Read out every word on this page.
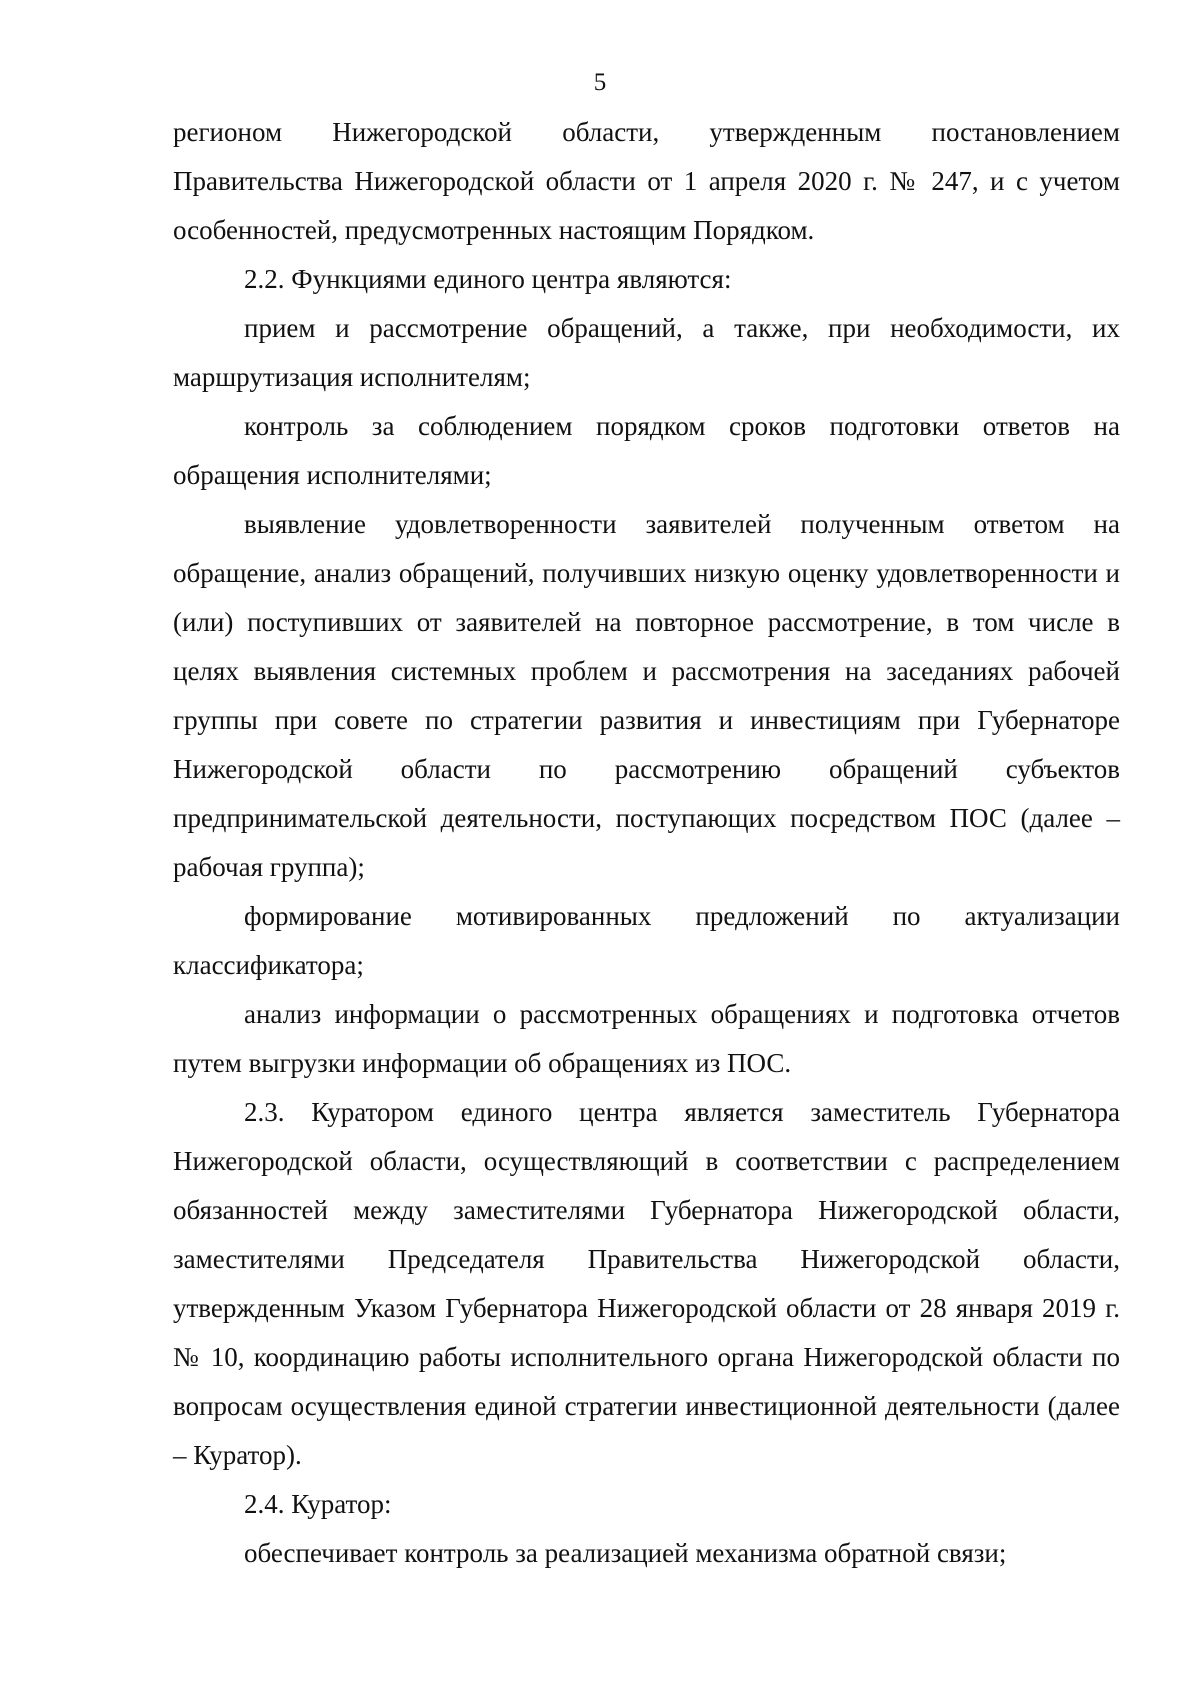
5

регионом Нижегородской области, утвержденным постановлением Правительства Нижегородской области от 1 апреля 2020 г. № 247, и с учетом особенностей, предусмотренных настоящим Порядком.

2.2. Функциями единого центра являются:

прием и рассмотрение обращений, а также, при необходимости, их маршрутизация исполнителям;

контроль за соблюдением порядком сроков подготовки ответов на обращения исполнителями;

выявление удовлетворенности заявителей полученным ответом на обращение, анализ обращений, получивших низкую оценку удовлетворенности и (или) поступивших от заявителей на повторное рассмотрение, в том числе в целях выявления системных проблем и рассмотрения на заседаниях рабочей группы при совете по стратегии развития и инвестициям при Губернаторе Нижегородской области по рассмотрению обращений субъектов предпринимательской деятельности, поступающих посредством ПОС (далее – рабочая группа);

формирование мотивированных предложений по актуализации классификатора;

анализ информации о рассмотренных обращениях и подготовка отчетов путем выгрузки информации об обращениях из ПОС.

2.3. Куратором единого центра является заместитель Губернатора Нижегородской области, осуществляющий в соответствии с распределением обязанностей между заместителями Губернатора Нижегородской области, заместителями Председателя Правительства Нижегородской области, утвержденным Указом Губернатора Нижегородской области от 28 января 2019 г. № 10, координацию работы исполнительного органа Нижегородской области по вопросам осуществления единой стратегии инвестиционной деятельности (далее – Куратор).

2.4. Куратор:

обеспечивает контроль за реализацией механизма обратной связи;
